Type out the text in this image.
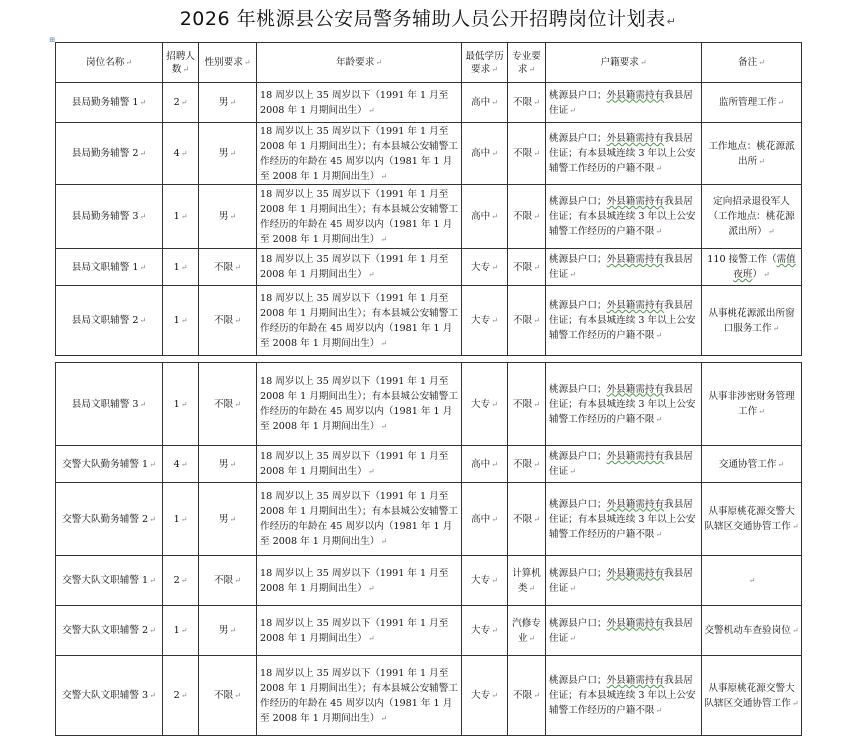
2026 年桃源县公安局警务辅助人员公开招聘岗位计划表↵
⊞
岗位名称↵	招聘人数↵	性别要求↵	年龄要求↵	最低学历要求↵	专业要求↵	户籍要求↵	备注↵
县局勤务辅警 1↵	2↵	男↵	18 周岁以上 35 周岁以下（1991 年 1 月至 2008 年 1 月期间出生）↵	高中↵	不限↵	桃源县户口；外县籍需持有我县居住证↵	监所管理工作↵
县局勤务辅警 2↵	4↵	男↵	18 周岁以上 35 周岁以下（1991 年 1 月至 2008 年 1 月期间出生）；有本县城公安辅警工作经历的年龄在 45 周岁以内（1981 年 1 月至 2008 年 1 月期间出生）↵	高中↵	不限↵	桃源县户口；外县籍需持有我县居住证；有本县城连续 3 年以上公安辅警工作经历的户籍不限↵	工作地点：桃花源派出所↵
县局勤务辅警 3↵	1↵	男↵	18 周岁以上 35 周岁以下（1991 年 1 月至 2008 年 1 月期间出生）；有本县城公安辅警工作经历的年龄在 45 周岁以内（1981 年 1 月至 2008 年 1 月期间出生）↵	高中↵	不限↵	桃源县户口；外县籍需持有我县居住证；有本县城连续 3 年以上公安辅警工作经历的户籍不限↵	定向招录退役军人（工作地点：桃花源派出所）↵
县局文职辅警 1↵	1↵	不限↵	18 周岁以上 35 周岁以下（1991 年 1 月至 2008 年 1 月期间出生）↵	大专↵	不限↵	桃源县户口；外县籍需持有我县居住证↵	110 接警工作（需值夜班）↵
县局文职辅警 2↵	1↵	不限↵	18 周岁以上 35 周岁以下（1991 年 1 月至 2008 年 1 月期间出生）；有本县城公安辅警工作经历的年龄在 45 周岁以内（1981 年 1 月至 2008 年 1 月期间出生）↵	大专↵	不限↵	桃源县户口；外县籍需持有我县居住证；有本县城连续 3 年以上公安辅警工作经历的户籍不限↵	从事桃花源派出所窗口服务工作↵
县局文职辅警 3↵	1↵	不限↵	18 周岁以上 35 周岁以下（1991 年 1 月至 2008 年 1 月期间出生）；有本县城公安辅警工作经历的年龄在 45 周岁以内（1981 年 1 月至 2008 年 1 月期间出生）↵	大专↵	不限↵	桃源县户口；外县籍需持有我县居住证；有本县城连续 3 年以上公安辅警工作经历的户籍不限↵	从事非涉密财务管理工作↵
交警大队勤务辅警 1↵	4↵	男↵	18 周岁以上 35 周岁以下（1991 年 1 月至 2008 年 1 月期间出生）↵	高中↵	不限↵	桃源县户口；外县籍需持有我县居住证↵	交通协管工作↵
交警大队勤务辅警 2↵	1↵	男↵	18 周岁以上 35 周岁以下（1991 年 1 月至 2008 年 1 月期间出生）；有本县城公安辅警工作经历的年龄在 45 周岁以内（1981 年 1 月至 2008 年 1 月期间出生）↵	高中↵	不限↵	桃源县户口；外县籍需持有我县居住证；有本县城连续 3 年以上公安辅警工作经历的户籍不限↵	从事原桃花源交警大队辖区交通协管工作↵
交警大队文职辅警 1↵	2↵	不限↵	18 周岁以上 35 周岁以下（1991 年 1 月至 2008 年 1 月期间出生）↵	大专↵	计算机类↵	桃源县户口；外县籍需持有我县居住证↵	↵
交警大队文职辅警 2↵	1↵	男↵	18 周岁以上 35 周岁以下（1991 年 1 月至 2008 年 1 月期间出生）↵	大专↵	汽修专业↵	桃源县户口；外县籍需持有我县居住证↵	交警机动车查验岗位↵
交警大队文职辅警 3↵	2↵	不限↵	18 周岁以上 35 周岁以下（1991 年 1 月至 2008 年 1 月期间出生）；有本县城公安辅警工作经历的年龄在 45 周岁以内（1981 年 1 月至 2008 年 1 月期间出生）↵	大专↵	不限↵	桃源县户口；外县籍需持有我县居住证；有本县城连续 3 年以上公安辅警工作经历的户籍不限↵	从事原桃花源交警大队辖区交通协管工作↵
